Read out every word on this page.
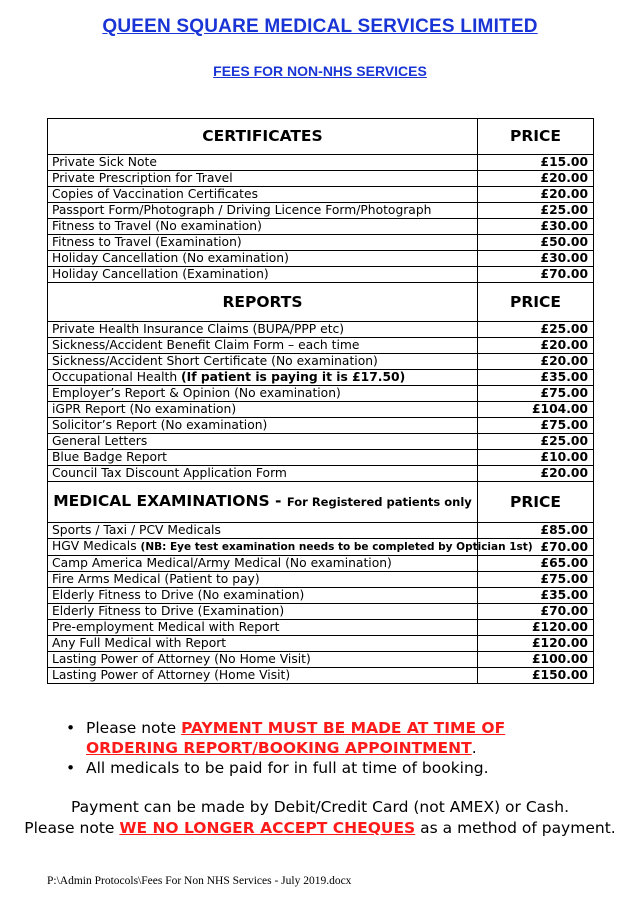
QUEEN SQUARE MEDICAL SERVICES LIMITED
FEES FOR NON-NHS SERVICES
CERTIFICATES	PRICE
Private Sick Note	£15.00
Private Prescription for Travel	£20.00
Copies of Vaccination Certificates	£20.00
Passport Form/Photograph / Driving Licence Form/Photograph	£25.00
Fitness to Travel (No examination)	£30.00
Fitness to Travel (Examination)	£50.00
Holiday Cancellation (No examination)	£30.00
Holiday Cancellation (Examination)	£70.00
REPORTS	PRICE
Private Health Insurance Claims (BUPA/PPP etc)	£25.00
Sickness/Accident Benefit Claim Form – each time	£20.00
Sickness/Accident Short Certificate (No examination)	£20.00
Occupational Health (If patient is paying it is £17.50)	£35.00
Employer’s Report & Opinion (No examination)	£75.00
iGPR Report (No examination)	£104.00
Solicitor’s Report (No examination)	£75.00
General Letters	£25.00
Blue Badge Report	£10.00
Council Tax Discount Application Form	£20.00
MEDICAL EXAMINATIONS - For Registered patients only	PRICE
Sports / Taxi / PCV Medicals	£85.00
HGV Medicals (NB: Eye test examination needs to be completed by Optician 1st)	£70.00
Camp America Medical/Army Medical (No examination)	£65.00
Fire Arms Medical (Patient to pay)	£75.00
Elderly Fitness to Drive (No examination)	£35.00
Elderly Fitness to Drive (Examination)	£70.00
Pre-employment Medical with Report	£120.00
Any Full Medical with Report	£120.00
Lasting Power of Attorney (No Home Visit)	£100.00
Lasting Power of Attorney (Home Visit)	£150.00
• Please note PAYMENT MUST BE MADE AT TIME OF ORDERING REPORT/BOOKING APPOINTMENT.
• All medicals to be paid for in full at time of booking.
Payment can be made by Debit/Credit Card (not AMEX) or Cash.
Please note WE NO LONGER ACCEPT CHEQUES as a method of payment.
P:\Admin Protocols\Fees For Non NHS Services - July 2019.docx
